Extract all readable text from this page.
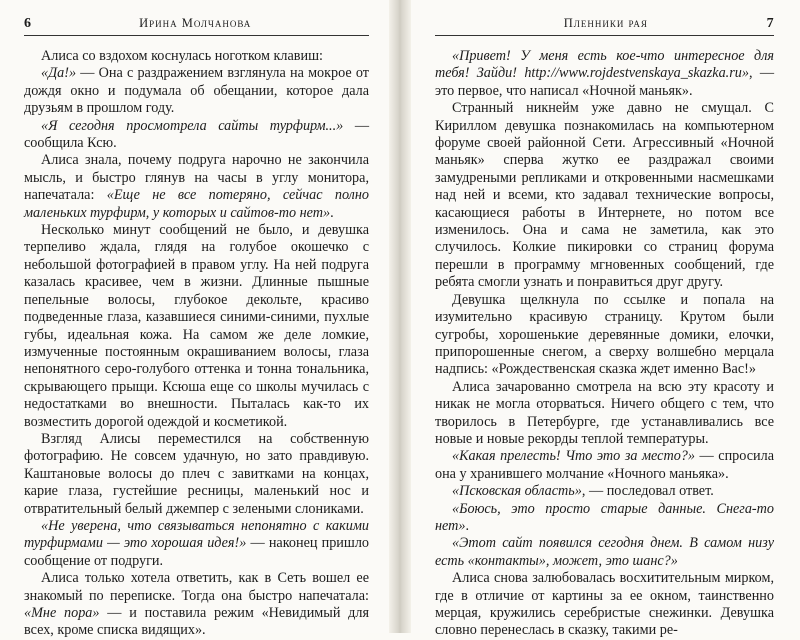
6	Ирина Молчанова

Алиса со вздохом коснулась ноготком клавиш:

«Да!» — Она с раздражением взглянула на мокрое от дождя окно и подумала об обещании, которое дала друзьям в прошлом году.

«Я сегодня просмотрела сайты турфирм...» — сообщила Ксю.

Алиса знала, почему подруга нарочно не закончила мысль, и быстро глянув на часы в углу монитора, напечатала: «Еще не все потеряно, сейчас полно маленьких турфирм, у которых и сайтов-то нет».

Несколько минут сообщений не было, и девушка терпеливо ждала, глядя на голубое окошечко с небольшой фотографией в правом углу. На ней подруга казалась красивее, чем в жизни. Длинные пышные пепельные волосы, глубокое декольте, красиво подведенные глаза, казавшиеся синими-синими, пухлые губы, идеальная кожа. На самом же деле ломкие, измученные постоянным окрашиванием волосы, глаза непонятного серо-голубого оттенка и тонна тональника, скрывающего прыщи. Ксюша еще со школы мучилась с недостатками во внешности. Пыталась как-то их возместить дорогой одеждой и косметикой.

Взгляд Алисы переместился на собственную фотографию. Не совсем удачную, но зато правдивую. Каштановые волосы до плеч с завитками на концах, карие глаза, густейшие ресницы, маленький нос и отвратительный белый джемпер с зелеными слониками.

«Не уверена, что связываться непонятно с какими турфирмами — это хорошая идея!» — наконец пришло сообщение от подруги.

Алиса только хотела ответить, как в Сеть вошел ее знакомый по переписке. Тогда она быстро напечатала: «Мне пора» — и поставила режим «Невидимый для всех, кроме списка видящих».

Пленники рая	7

«Привет! У меня есть кое-что интересное для тебя! Зайди! http://www.rojdestvenskaya_skazka.ru», — это первое, что написал «Ночной маньяк».

Странный никнейм уже давно не смущал. С Кириллом девушка познакомилась на компьютерном форуме своей районной Сети. Агрессивный «Ночной маньяк» сперва жутко ее раздражал своими замудреными репликами и откровенными насмешками над ней и всеми, кто задавал технические вопросы, касающиеся работы в Интернете, но потом все изменилось. Она и сама не заметила, как это случилось. Колкие пикировки со страниц форума перешли в программу мгновенных сообщений, где ребята смогли узнать и понравиться друг другу.

Девушка щелкнула по ссылке и попала на изумительно красивую страницу. Крутом были сугробы, хорошенькие деревянные домики, елочки, припорошенные снегом, а сверху волшебно мерцала надпись: «Рождественская сказка ждет именно Вас!»

Алиса зачарованно смотрела на всю эту красоту и никак не могла оторваться. Ничего общего с тем, что творилось в Петербурге, где устанавливались все новые и новые рекорды теплой температуры.

«Какая прелесть! Что это за место?» — спросила она у хранившего молчание «Ночного маньяка».

«Псковская область», — последовал ответ.

«Боюсь, это просто старые данные. Снега-то нет».

«Этот сайт появился сегодня днем. В самом низу есть «контакты», может, это шанс?»

Алиса снова залюбовалась восхитительным мирком, где в отличие от картины за ее окном, таинственно мерцая, кружились серебристые снежинки. Девушка словно перенеслась в сказку, такими ре-
